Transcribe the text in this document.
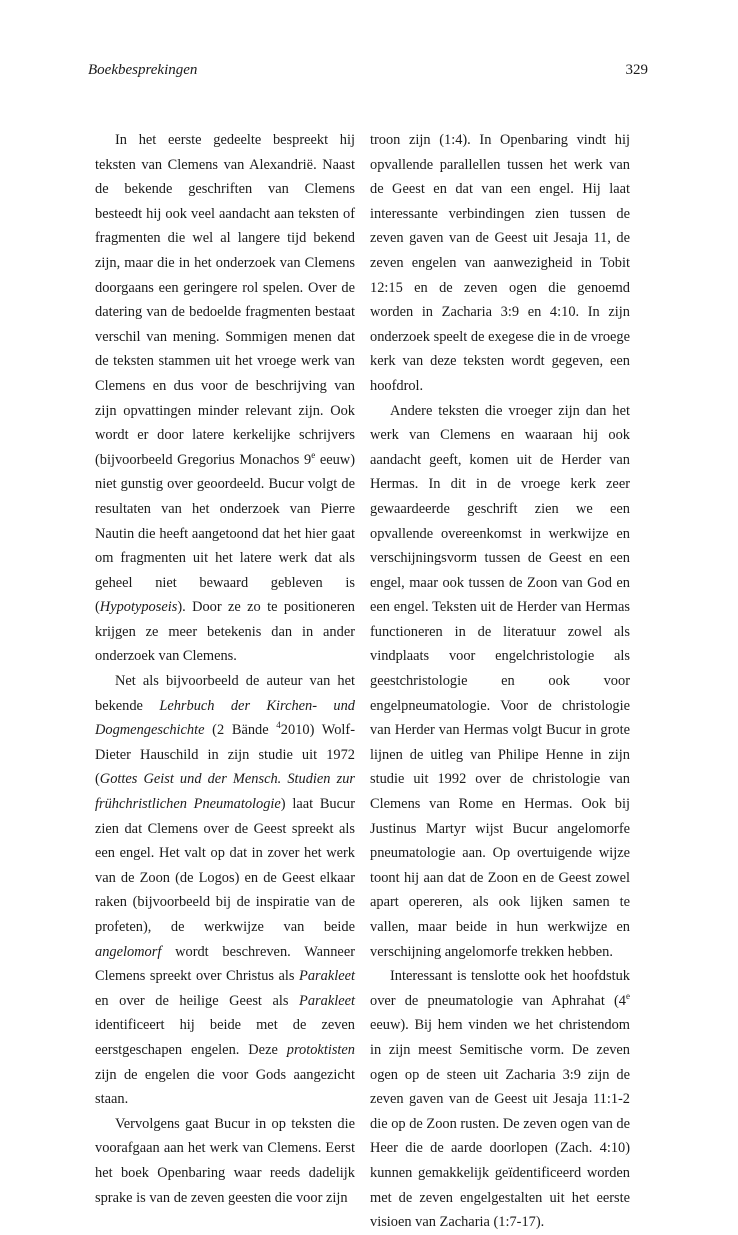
Boekbesprekingen	329

In het eerste gedeelte bespreekt hij teksten van Clemens van Alexandrië. Naast de bekende geschriften van Clemens besteedt hij ook veel aandacht aan teksten of fragmenten die wel al langere tijd bekend zijn, maar die in het onderzoek van Clemens doorgaans een geringere rol spelen. Over de datering van de bedoelde fragmenten bestaat verschil van mening. Sommigen menen dat de teksten stammen uit het vroege werk van Clemens en dus voor de beschrijving van zijn opvattingen minder relevant zijn. Ook wordt er door latere kerkelijke schrijvers (bijvoorbeeld Gregorius Monachos 9e eeuw) niet gunstig over geoordeeld. Bucur volgt de resultaten van het onderzoek van Pierre Nautin die heeft aangetoond dat het hier gaat om fragmenten uit het latere werk dat als geheel niet bewaard gebleven is (Hypotyposeis). Door ze zo te positioneren krijgen ze meer betekenis dan in ander onderzoek van Clemens.

Net als bijvoorbeeld de auteur van het bekende Lehrbuch der Kirchen- und Dogmengeschichte (2 Bände $^4$2010) Wolf-Dieter Hauschild in zijn studie uit 1972 (Gottes Geist und der Mensch. Studien zur frühchristlichen Pneumatologie) laat Bucur zien dat Clemens over de Geest spreekt als een engel. Het valt op dat in zover het werk van de Zoon (de Logos) en de Geest elkaar raken (bijvoorbeeld bij de inspiratie van de profeten), de werkwijze van beide angelomorf wordt beschreven. Wanneer Clemens spreekt over Christus als Parakleet en over de heilige Geest als Parakleet identificeert hij beide met de zeven eerstgeschapen engelen. Deze protoktisten zijn de engelen die voor Gods aangezicht staan.

Vervolgens gaat Bucur in op teksten die voorafgaan aan het werk van Clemens. Eerst het boek Openbaring waar reeds dadelijk sprake is van de zeven geesten die voor zijn

troon zijn (1:4). In Openbaring vindt hij opvallende parallellen tussen het werk van de Geest en dat van een engel. Hij laat interessante verbindingen zien tussen de zeven gaven van de Geest uit Jesaja 11, de zeven engelen van aanwezigheid in Tobit 12:15 en de zeven ogen die genoemd worden in Zacharia 3:9 en 4:10. In zijn onderzoek speelt de exegese die in de vroege kerk van deze teksten wordt gegeven, een hoofdrol.

Andere teksten die vroeger zijn dan het werk van Clemens en waaraan hij ook aandacht geeft, komen uit de Herder van Hermas. In dit in de vroege kerk zeer gewaardeerde geschrift zien we een opvallende overeenkomst in werkwijze en verschijningsvorm tussen de Geest en een engel, maar ook tussen de Zoon van God en een engel. Teksten uit de Herder van Hermas functioneren in de literatuur zowel als vindplaats voor engelchristologie als geestchristologie en ook voor engelpneumatologie. Voor de christologie van Herder van Hermas volgt Bucur in grote lijnen de uitleg van Philipe Henne in zijn studie uit 1992 over de christologie van Clemens van Rome en Hermas. Ook bij Justinus Martyr wijst Bucur angelomorfe pneumatologie aan. Op overtuigende wijze toont hij aan dat de Zoon en de Geest zowel apart opereren, als ook lijken samen te vallen, maar beide in hun werkwijze en verschijning angelomorfe trekken hebben.

Interessant is tenslotte ook het hoofdstuk over de pneumatologie van Aphrahat (4e eeuw). Bij hem vinden we het christendom in zijn meest Semitische vorm. De zeven ogen op de steen uit Zacharia 3:9 zijn de zeven gaven van de Geest uit Jesaja 11:1-2 die op de Zoon rusten. De zeven ogen van de Heer die de aarde doorlopen (Zach. 4:10) kunnen gemakkelijk geïdentificeerd worden met de zeven engelgestalten uit het eerste visioen van Zacharia (1:7-17).
